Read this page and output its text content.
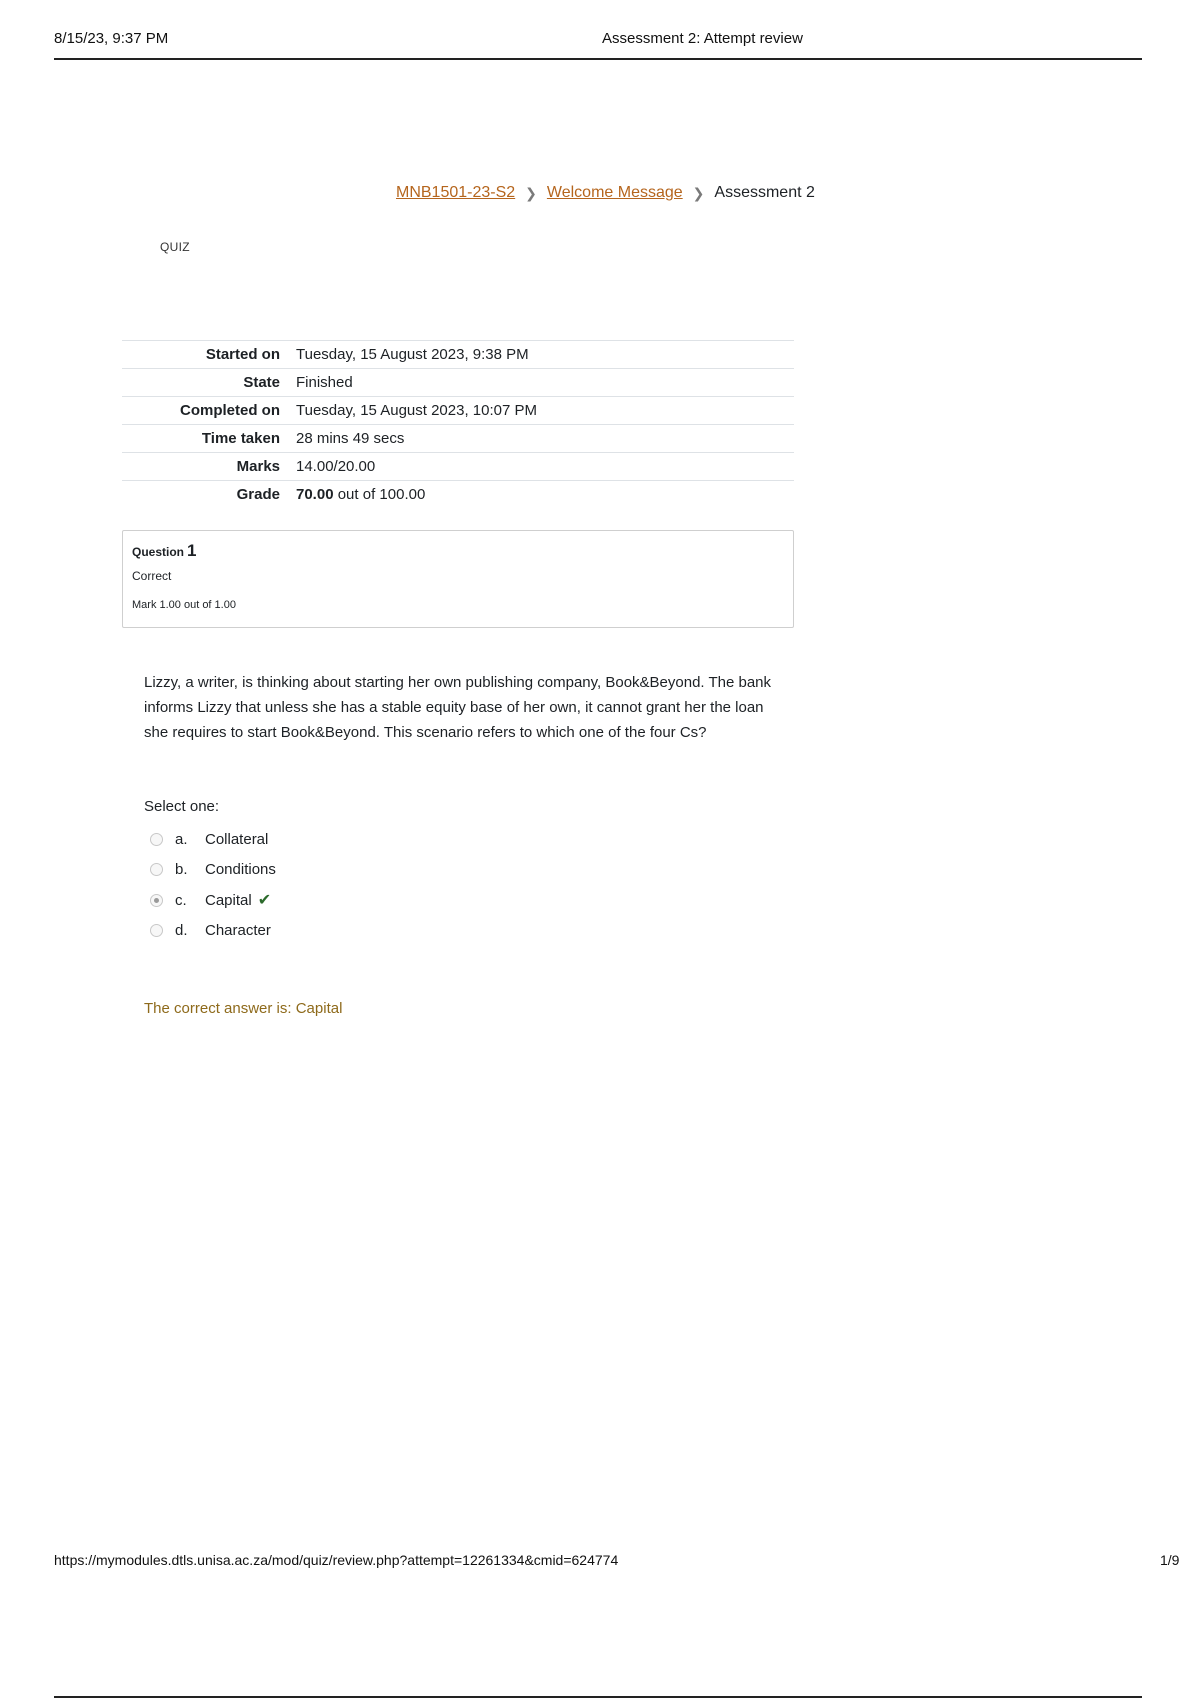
8/15/23, 9:37 PM	Assessment 2: Attempt review
MNB1501-23-S2 ❯ Welcome Message ❯ Assessment 2
QUIZ
Started on	Tuesday, 15 August 2023, 9:38 PM
State	Finished
Completed on	Tuesday, 15 August 2023, 10:07 PM
Time taken	28 mins 49 secs
Marks	14.00/20.00
Grade	70.00 out of 100.00
Question 1
Correct
Mark 1.00 out of 1.00
Lizzy, a writer, is thinking about starting her own publishing company, Book&Beyond. The bank informs Lizzy that unless she has a stable equity base of her own, it cannot grant her the loan she requires to start Book&Beyond. This scenario refers to which one of the four Cs?
Select one:
a.	Collateral
b.	Conditions
c.	Capital ✔
d.	Character
The correct answer is: Capital
https://mymodules.dtls.unisa.ac.za/mod/quiz/review.php?attempt=12261334&cmid=624774	1/9
